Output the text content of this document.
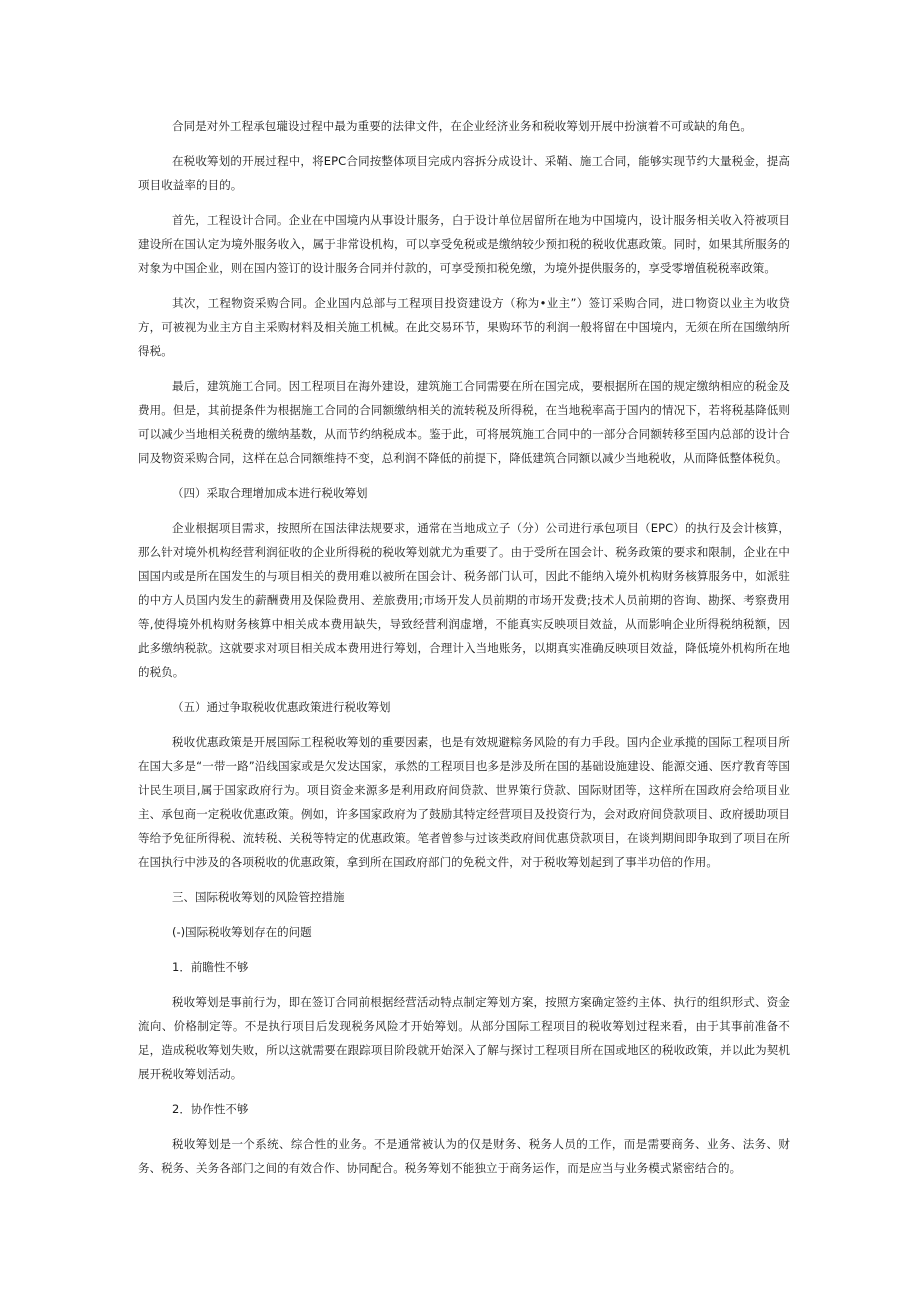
合同是对外工程承包瓏设过程中最为重要的法律文件，在企业经济业务和税收筹划开展中扮演着不可或缺的角色。

在税收筹划的开展过程中，将EPC合同按整体项目完成内容拆分成设计、采鞘、施工合同，能够实现节约大量税金，提高项目收益率的目的。

首先，工程设计合同。企业在中国境内从事设计服务，白于设计单位居留所在地为中国境内，设计服务相关收入符被项目建设所在国认定为境外服务收入，属于非常设机构，可以享受免税或是缴纳较少预扣税的税收优惠政策。同时，如果其所服务的对象为中国企业，则在国内签订的设计服务合同并付款的，可享受预扣税免缴，为境外提供服务的，享受零增值税税率政策。

其次，工程物资采购合同。企业国内总部与工程项目投资建设方（称为•业主”）签订采购合同，进口物资以业主为收贷方，可被视为业主方自主采购材料及相关施工机械。在此交易环节，果购环节的利润一般将留在中国境内，无须在所在国缴纳所得税。

最后，建筑施工合同。因工程项目在海外建设，建筑施工合同需要在所在国完成，要根据所在国的规定缴纳相应的税金及费用。但是，其前提条件为根据施工合同的合同额缴纳相关的流转税及所得税，在当地税率高于国内的情况下，若将税基降低则可以减少当地相关税费的缴纳基数，从而节约纳税成本。鉴于此，可将展筑施工合同中的一部分合同额转移至国内总部的设计合同及物资采购合同，这样在总合同额维持不变，总利润不降低的前提下，降低建筑合同额以减少当地税收，从而降低整体税负。

（四）采取合理增加成本进行税收筹划

企业根据项目需求，按照所在国法律法规要求，通常在当地成立子（分）公司进行承包项目（EPC）的执行及会计核算，那么针对境外机构经营利润征收的企业所得税的税收筹划就尤为重要了。由于受所在国会计、税务政策的要求和限制，企业在中国国内或是所在国发生的与项目相关的费用难以被所在国会计、税务部门认可，因此不能纳入境外机构财务核算服务中，如派驻的中方人员国内发生的薪酬费用及保险费用、差旅费用;市场开发人员前期的市场开发费;技术人员前期的咨询、勘探、考察费用等,使得境外机构财务核算中相关成本费用缺失，导致经营利润虚增，不能真实反映项目效益，从而影响企业所得税纳税额，因此多缴纳税款。这就要求对项目相关成本费用进行筹划，合理计入当地账务，以期真实准确反映项目效益，降低境外机构所在地的税负。

（五）通过争取税收优惠政策进行税收筹划

税收优惠政策是开展国际工程税收筹划的重要因素，也是有效规避粽务风险的有力手段。国内企业承揽的国际工程项目所在国大多是“一带一路”沿线国家或是欠发达国家，承然的工程项目也多是涉及所在国的基础设施建设、能源交通、医疗教育等国计民生项目,属于国家政府行为。项目资金来源多是利用政府间贷款、世界策行贷款、国际财团等，这样所在国政府会给项目业主、承包商一定税收优惠政策。例如，许多国家政府为了鼓励其特定经营项目及投资行为，会对政府间贷款项目、政府援助项目等给予免征所得税、流转税、关税等特定的优惠政策。笔者曾参与过该类政府间优惠贷款项目，在谈判期间即争取到了项目在所在国执行中涉及的各项税收的优惠政策，拿到所在国政府部门的免税文件，对于税收筹划起到了事半功倍的作用。

三、国际税收筹划的风险管控措施
(-)国际税收筹划存在的问题
1．前瞻性不够

税收筹划是事前行为，即在签订合同前根据经营活动特点制定筹划方案，按照方案确定签约主体、执行的组织形式、资金流向、价格制定等。不是执行项目后发现税务风险才开始筹划。从部分国际工程项目的税收筹划过程来看，由于其事前准备不足，造成税收筹划失败，所以这就需要在跟踪项目阶段就开始深入了解与探讨工程项目所在国或地区的税收政策，并以此为契机展开税收筹划活动。

2．协作性不够

税收筹划是一个系统、综合性的业务。不是通常被认为的仅是财务、税务人员的工作，而是需要商务、业务、法务、财务、税务、关务各部门之间的有效合作、协同配合。税务筹划不能独立于商务运作，而是应当与业务模式紧密结合的。
